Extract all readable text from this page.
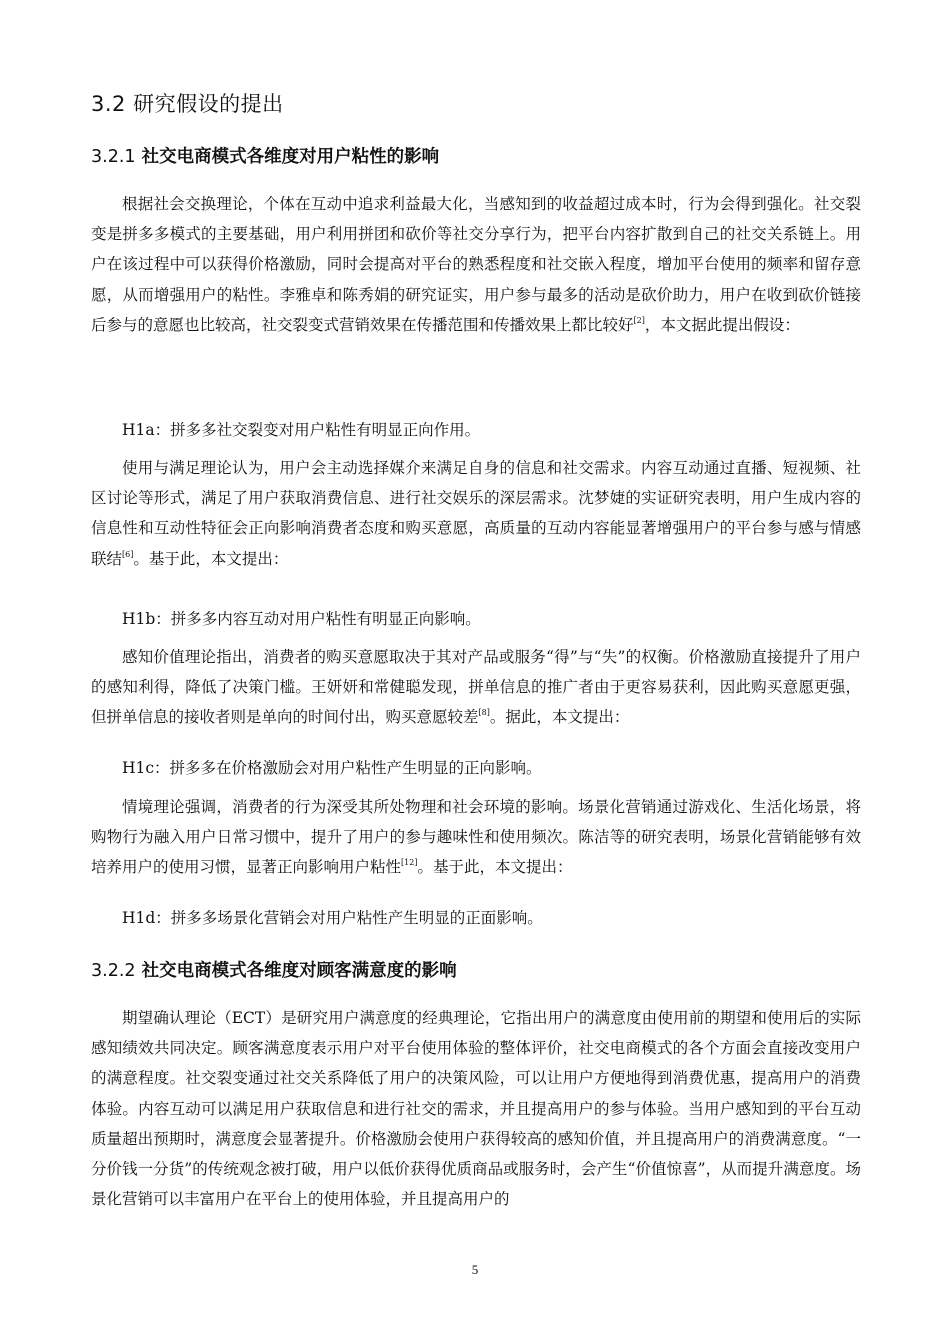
3.2 研究假设的提出
3.2.1 社交电商模式各维度对用户粘性的影响

根据社会交换理论，个体在互动中追求利益最大化，当感知到的收益超过成本时，行为会得到强化。社交裂变是拼多多模式的主要基础，用户利用拼团和砍价等社交分享行为，把平台内容扩散到自己的社交关系链上。用户在该过程中可以获得价格激励，同时会提高对平台的熟悉程度和社交嵌入程度，增加平台使用的频率和留存意愿，从而增强用户的粘性。李雅卓和陈秀娟的研究证实，用户参与最多的活动是砍价助力，用户在收到砍价链接后参与的意愿也比较高，社交裂变式营销效果在传播范围和传播效果上都比较好[2]，本文据此提出假设：

H1a：拼多多社交裂变对用户粘性有明显正向作用。

使用与满足理论认为，用户会主动选择媒介来满足自身的信息和社交需求。内容互动通过直播、短视频、社区讨论等形式，满足了用户获取消费信息、进行社交娱乐的深层需求。沈梦婕的实证研究表明，用户生成内容的信息性和互动性特征会正向影响消费者态度和购买意愿，高质量的互动内容能显著增强用户的平台参与感与情感联结[6]。基于此，本文提出：

H1b：拼多多内容互动对用户粘性有明显正向影响。

感知价值理论指出，消费者的购买意愿取决于其对产品或服务“得”与“失”的权衡。价格激励直接提升了用户的感知利得，降低了决策门槛。王妍妍和常健聪发现，拼单信息的推广者由于更容易获利，因此购买意愿更强，但拼单信息的接收者则是单向的时间付出，购买意愿较差[8]。据此，本文提出：

H1c：拼多多在价格激励会对用户粘性产生明显的正向影响。

情境理论强调，消费者的行为深受其所处物理和社会环境的影响。场景化营销通过游戏化、生活化场景，将购物行为融入用户日常习惯中，提升了用户的参与趣味性和使用频次。陈洁等的研究表明，场景化营销能够有效培养用户的使用习惯，显著正向影响用户粘性[12]。基于此，本文提出：

H1d：拼多多场景化营销会对用户粘性产生明显的正面影响。

3.2.2 社交电商模式各维度对顾客满意度的影响

期望确认理论（ECT）是研究用户满意度的经典理论，它指出用户的满意度由使用前的期望和使用后的实际感知绩效共同决定。顾客满意度表示用户对平台使用体验的整体评价，社交电商模式的各个方面会直接改变用户的满意程度。社交裂变通过社交关系降低了用户的决策风险，可以让用户方便地得到消费优惠，提高用户的消费体验。内容互动可以满足用户获取信息和进行社交的需求，并且提高用户的参与体验。当用户感知到的平台互动质量超出预期时，满意度会显著提升。价格激励会使用户获得较高的感知价值，并且提高用户的消费满意度。“一分价钱一分货”的传统观念被打破，用户以低价获得优质商品或服务时，会产生“价值惊喜”，从而提升满意度。场景化营销可以丰富用户在平台上的使用体验，并且提高用户的

5
